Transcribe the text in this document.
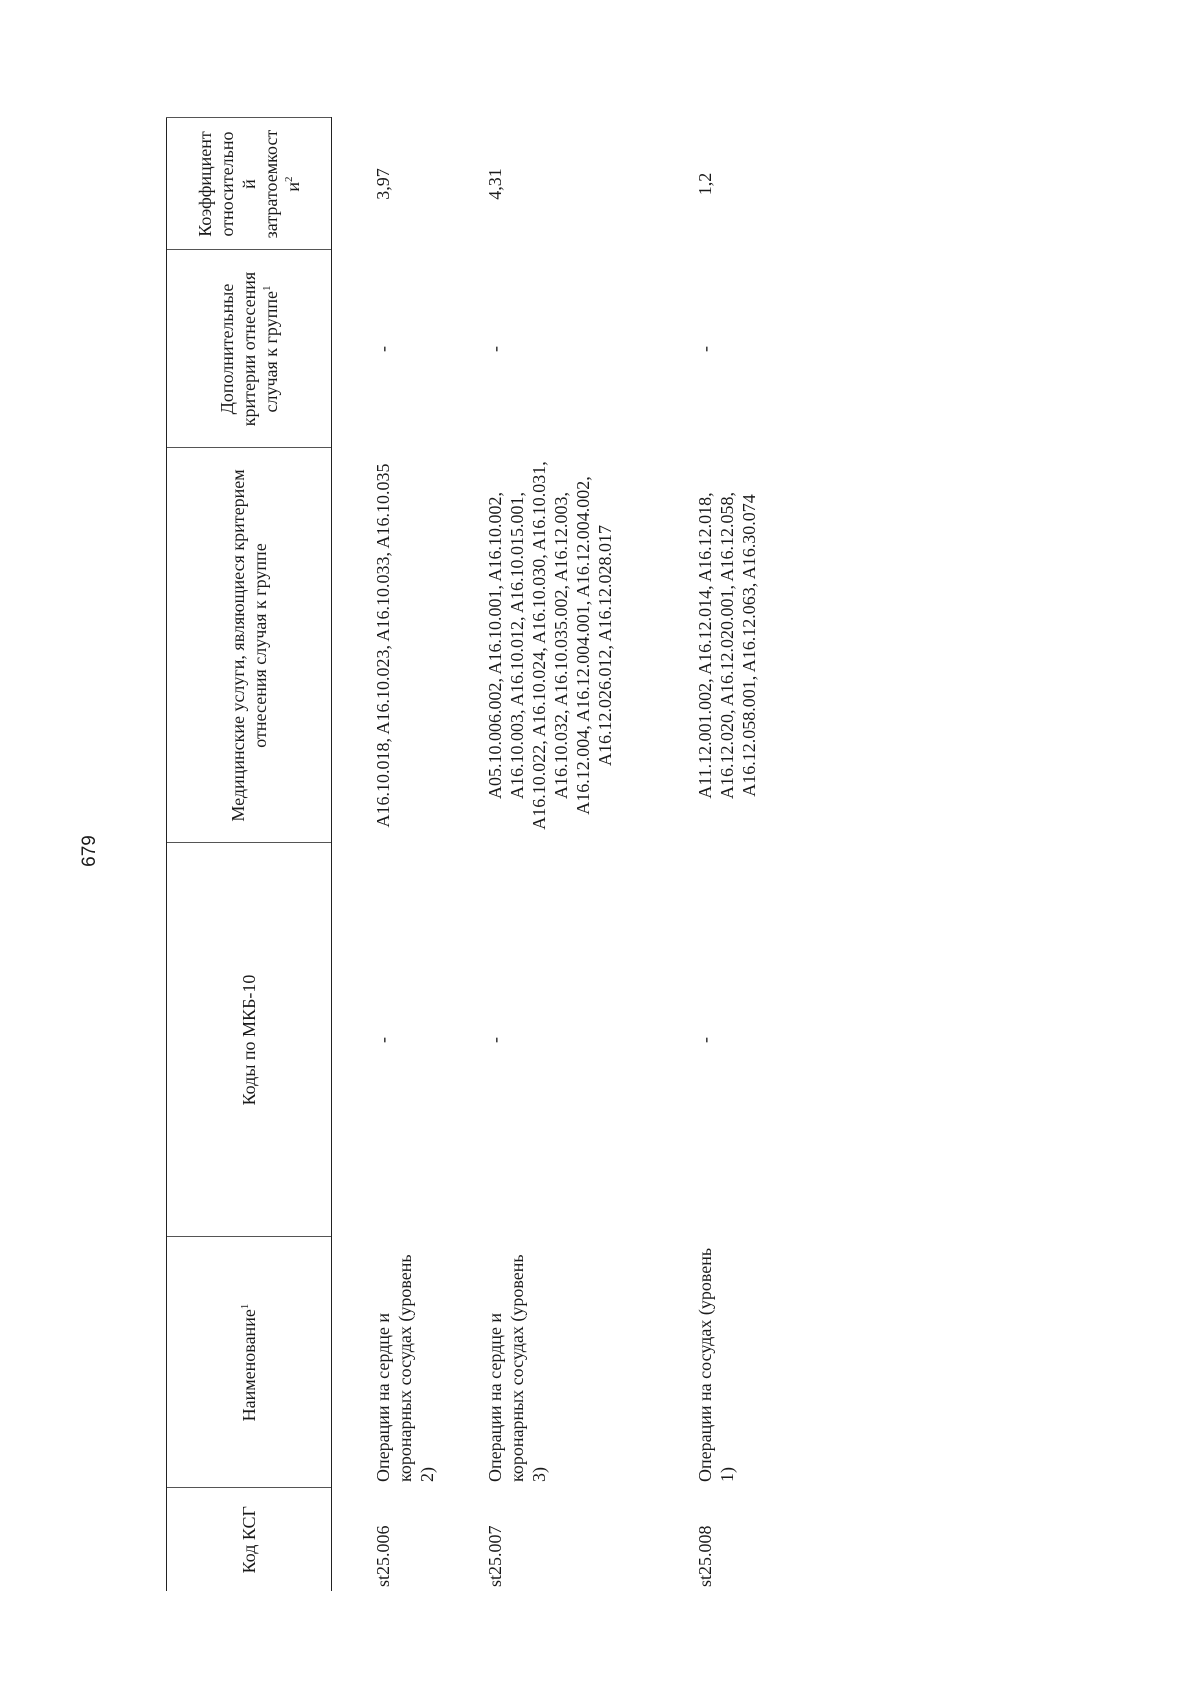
679
Код КСГ	Наименование$^1$	Коды по МКБ-10	Медицинские услуги, являющиеся критерием отнесения случая к группе	Дополнительные критерии отнесения случая к группе$^1$	Коэффициент относительно й затратоемкост $и^2$
st25.006	Операции на сердце и коронарных сосудах (уровень 2)	-	A16.10.018, A16.10.023, A16.10.033, A16.10.035	-	3,97
st25.007	Операции на сердце и коронарных сосудах (уровень 3)	-	A05.10.006.002, A16.10.001, A16.10.002, A16.10.003, A16.10.012, A16.10.015.001, A16.10.022, A16.10.024, A16.10.030, A16.10.031, A16.10.032, A16.10.035.002, A16.12.003, A16.12.004, A16.12.004.001, A16.12.004.002, A16.12.026.012, A16.12.028.017	-	4,31
st25.008	Операции на сосудах (уровень 1)	-	A11.12.001.002, A16.12.014, A16.12.018, A16.12.020, A16.12.020.001, A16.12.058, A16.12.058.001, A16.12.063, A16.30.074	-	1,2
